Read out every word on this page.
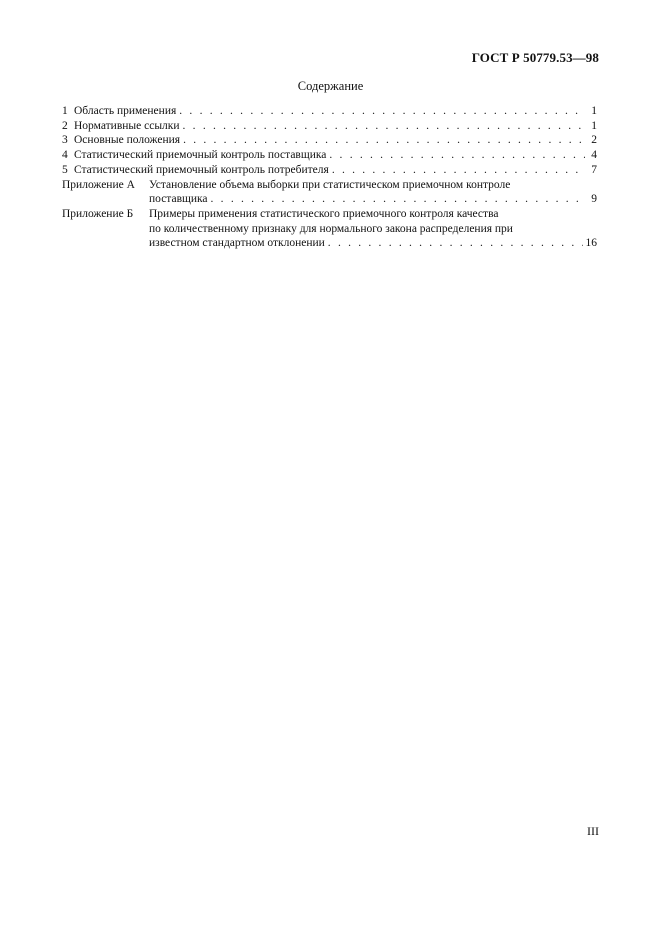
ГОСТ Р 50779.53—98
Содержание
1 Область применения . . .	1
2 Нормативные ссылки . . .	1
3 Основные положения . . .	2
4 Статистический приемочный контроль поставщика . . .	4
5 Статистический приемочный контроль потребителя . . .	7
Приложение А	Установление объема выборки при статистическом приемочном контроле
поставщика . . .	9
Приложение Б	Примеры применения статистического приемочного контроля качества
по количественному признаку для нормального закона распределения при
известном стандартном отклонении . . .	16
III
